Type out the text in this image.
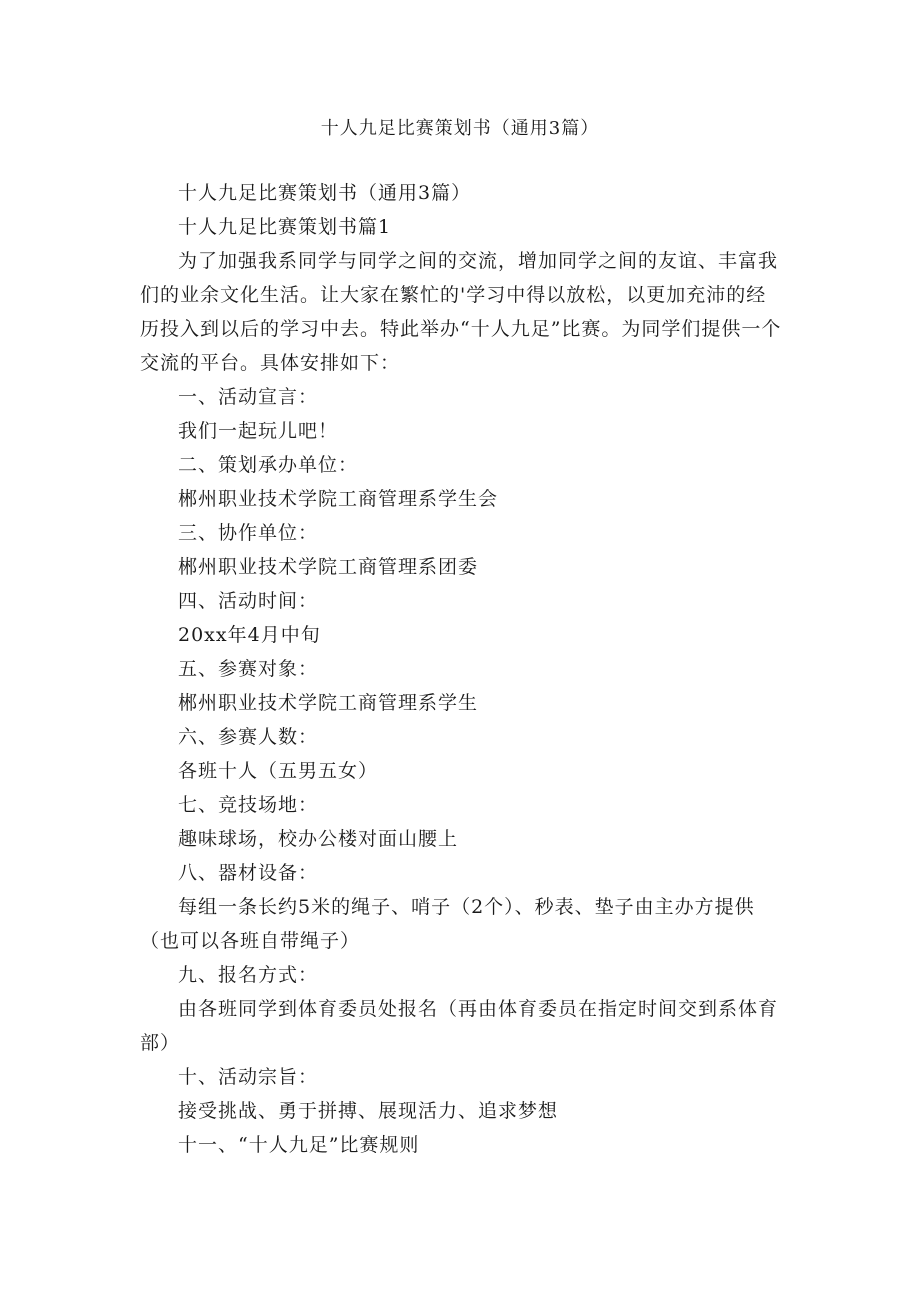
十人九足比赛策划书（通用3篇）

十人九足比赛策划书（通用3篇）

十人九足比赛策划书篇1

为了加强我系同学与同学之间的交流，增加同学之间的友谊、丰富我们的业余文化生活。让大家在繁忙的'学习中得以放松，以更加充沛的经历投入到以后的学习中去。特此举办“十人九足”比赛。为同学们提供一个交流的平台。具体安排如下：

一、活动宣言：

我们一起玩儿吧！

二、策划承办单位：

郴州职业技术学院工商管理系学生会

三、协作单位：

郴州职业技术学院工商管理系团委

四、活动时间：

20xx年4月中旬

五、参赛对象：

郴州职业技术学院工商管理系学生

六、参赛人数：

各班十人（五男五女）

七、竞技场地：

趣味球场，校办公楼对面山腰上

八、器材设备：

每组一条长约5米的绳子、哨子（2个）、秒表、垫子由主办方提供（也可以各班自带绳子）

九、报名方式：

由各班同学到体育委员处报名（再由体育委员在指定时间交到系体育部）

十、活动宗旨：

接受挑战、勇于拼搏、展现活力、追求梦想

十一、“十人九足”比赛规则
